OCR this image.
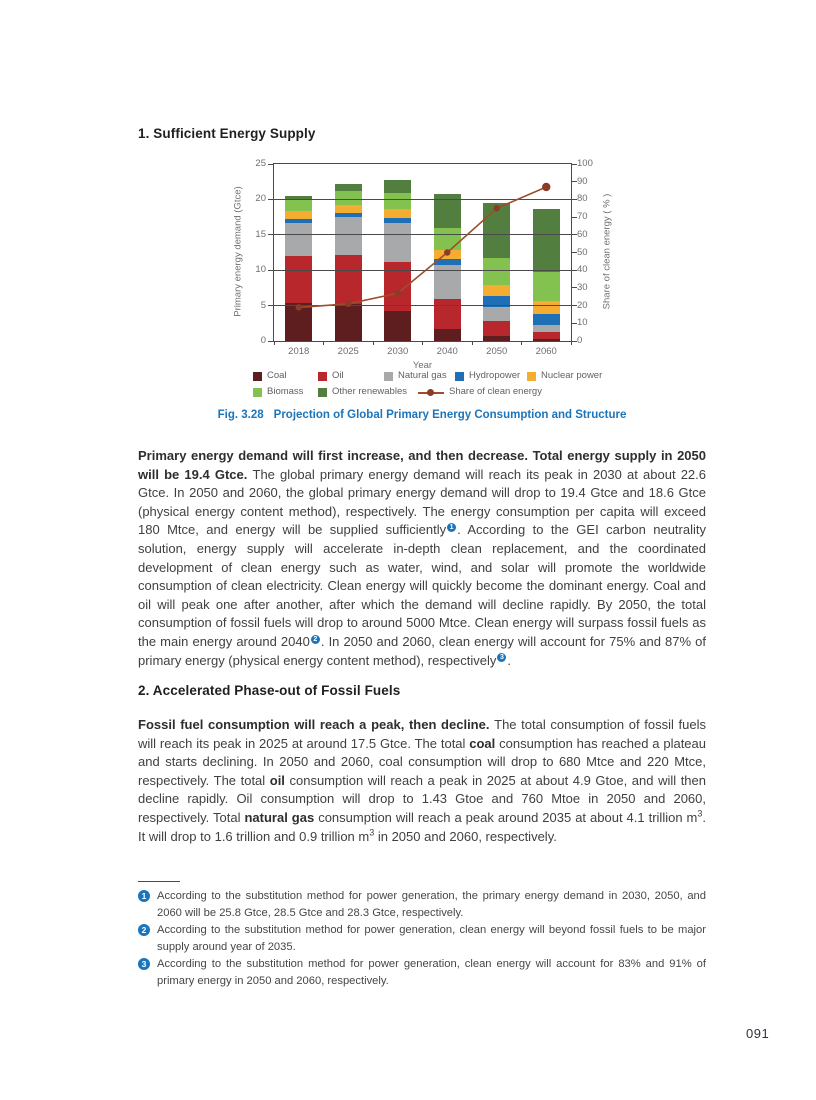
1. Sufficient Energy Supply
Primary energy demand (Gtce)	Share of clean energy ( % )
Year
2018	2025	2030	2040	2050	2060
0
5
10
15
20
25
0
10
20
30
40
50
60
70
80
90
100
Coal	Oil	Natural gas Hydropower Nuclear power
Biomass	Other renewables	Share of clean energy
Fig. 3.28 Projection of Global Primary Energy Consumption and Structure

Primary energy demand will first increase, and then decrease. Total energy supply in 2050 will be 19.4 Gtce. The global primary energy demand will reach its peak in 2030 at about 22.6 Gtce. In 2050 and 2060, the global primary energy demand will drop to 19.4 Gtce and 18.6 Gtce (physical energy content method), respectively. The energy consumption per capita will exceed 180 Mtce, and energy will be supplied sufficiently 1 . According to the GEI carbon neutrality solution, energy supply will accelerate in-depth clean replacement, and the coordinated development of clean energy such as water, wind, and solar will promote the worldwide consumption of clean electricity. Clean energy will quickly become the dominant energy. Coal and oil will peak one after another, after which the demand will decline rapidly. By 2050, the total consumption of fossil fuels will drop to around 5000 Mtce. Clean energy will surpass fossil fuels as the main energy around 2040 2 . In 2050 and 2060, clean energy will account for 75% and 87% of primary energy (physical energy content method), respectively 3 .

2. Accelerated Phase-out of Fossil Fuels

Fossil fuel consumption will reach a peak, then decline. The total consumption of fossil fuels will reach its peak in 2025 at around 17.5 Gtce. The total coal consumption has reached a plateau and starts declining. In 2050 and 2060, coal consumption will drop to 680 Mtce and 220 Mtce, respectively. The total oil consumption will reach a peak in 2025 at about 4.9 Gtoe, and will then decline rapidly. Oil consumption will drop to 1.43 Gtoe and 760 Mtoe in 2050 and 2060, respectively. Total natural gas consumption will reach a peak around 2035 at about 4.1 trillion $m^3$. It will drop to 1.6 trillion and 0.9 trillion $m^3$ in 2050 and 2060, respectively.

1 According to the substitution method for power generation, the primary energy demand in 2030, 2050, and 2060 will be 25.8 Gtce, 28.5 Gtce and 28.3 Gtce, respectively.
2 According to the substitution method for power generation, clean energy will beyond fossil fuels to be major supply around year of 2035.
3 According to the substitution method for power generation, clean energy will account for 83% and 91% of primary energy in 2050 and 2060, respectively.
091
